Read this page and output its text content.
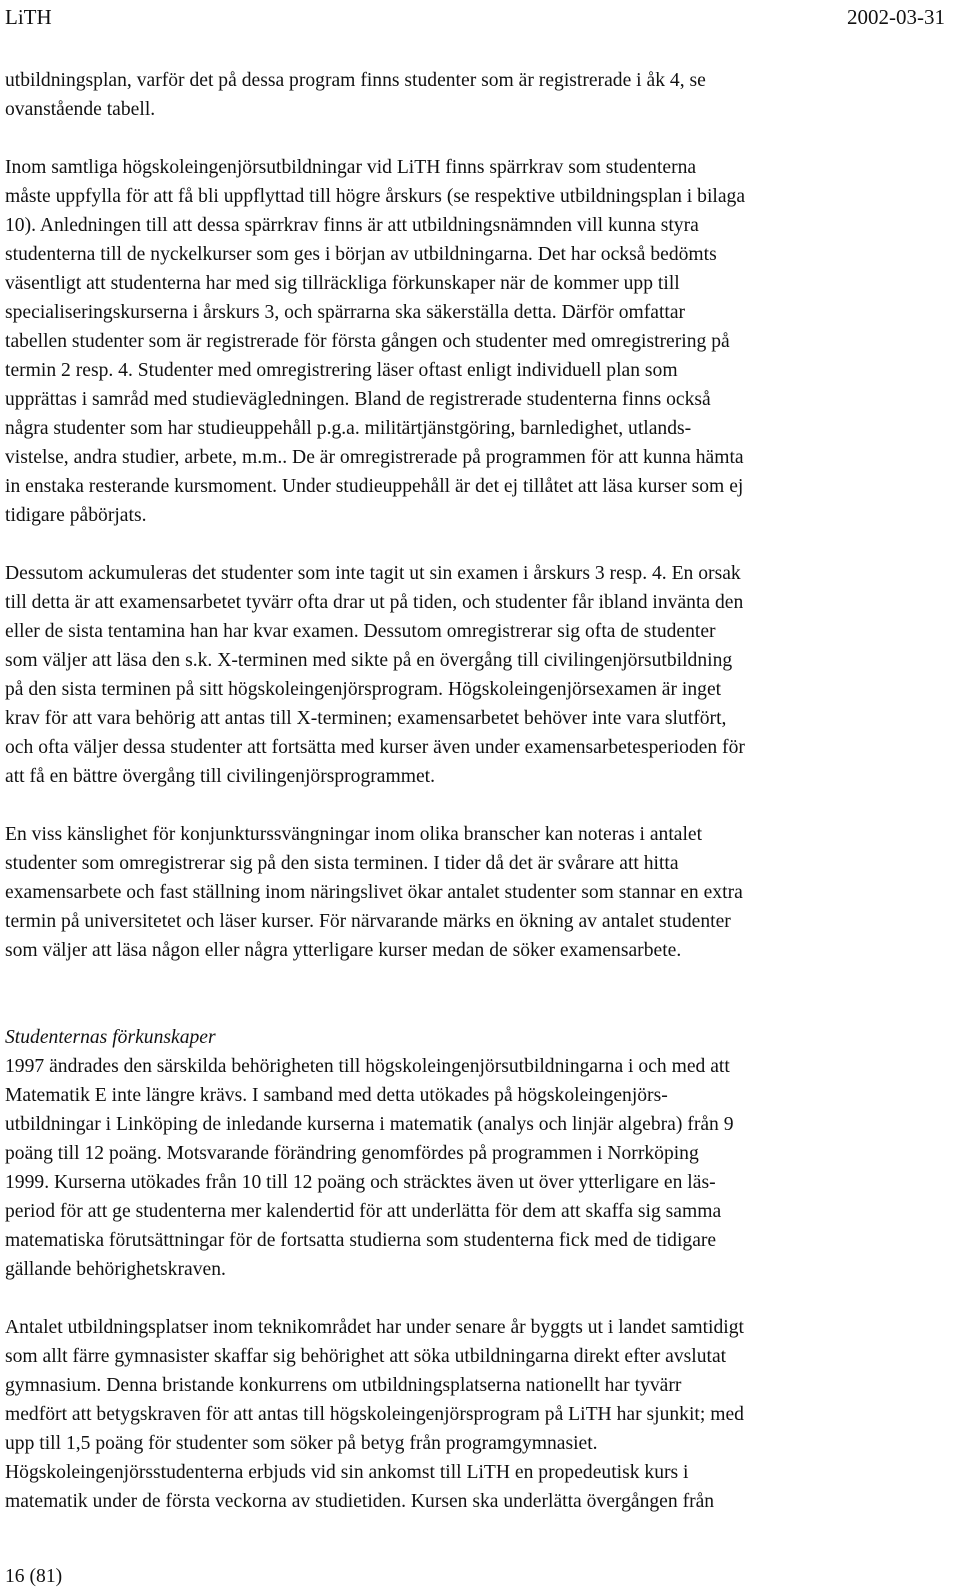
LiTH	2002-03-31

utbildningsplan, varför det på dessa program finns studenter som är registrerade i åk 4, se

ovanstående tabell.

Inom samtliga högskoleingenjörsutbildningar vid LiTH finns spärrkrav som studenterna

måste uppfylla för att få bli uppflyttad till högre årskurs (se respektive utbildningsplan i bilaga

10). Anledningen till att dessa spärrkrav finns är att utbildningsnämnden vill kunna styra

studenterna till de nyckelkurser som ges i början av utbildningarna. Det har också bedömts

väsentligt att studenterna har med sig tillräckliga förkunskaper när de kommer upp till

specialiseringskurserna i årskurs 3, och spärrarna ska säkerställa detta. Därför omfattar

tabellen studenter som är registrerade för första gången och studenter med omregistrering på

termin 2 resp. 4. Studenter med omregistrering läser oftast enligt individuell plan som

upprättas i samråd med studievägledningen. Bland de registrerade studenterna finns också

några studenter som har studieuppehåll p.g.a. militärtjänstgöring, barnledighet, utlands-

vistelse, andra studier, arbete, m.m.. De är omregistrerade på programmen för att kunna hämta

in enstaka resterande kursmoment. Under studieuppehåll är det ej tillåtet att läsa kurser som ej

tidigare påbörjats.

Dessutom ackumuleras det studenter som inte tagit ut sin examen i årskurs 3 resp. 4. En orsak

till detta är att examensarbetet tyvärr ofta drar ut på tiden, och studenter får ibland invänta den

eller de sista tentamina han har kvar examen. Dessutom omregistrerar sig ofta de studenter

som väljer att läsa den s.k. X-terminen med sikte på en övergång till civilingenjörsutbildning

på den sista terminen på sitt högskoleingenjörsprogram. Högskoleingenjörsexamen är inget

krav för att vara behörig att antas till X-terminen; examensarbetet behöver inte vara slutfört,

och ofta väljer dessa studenter att fortsätta med kurser även under examensarbetesperioden för

att få en bättre övergång till civilingenjörsprogrammet.

En viss känslighet för konjunkturssvängningar inom olika branscher kan noteras i antalet

studenter som omregistrerar sig på den sista terminen. I tider då det är svårare att hitta

examensarbete och fast ställning inom näringslivet ökar antalet studenter som stannar en extra

termin på universitetet och läser kurser. För närvarande märks en ökning av antalet studenter

som väljer att läsa någon eller några ytterligare kurser medan de söker examensarbete.

Studenternas förkunskaper

1997 ändrades den särskilda behörigheten till högskoleingenjörsutbildningarna i och med att

Matematik E inte längre krävs. I samband med detta utökades på högskoleingenjörs-

utbildningar i Linköping de inledande kurserna i matematik (analys och linjär algebra) från 9

poäng till 12 poäng. Motsvarande förändring genomfördes på programmen i Norrköping

1999. Kurserna utökades från 10 till 12 poäng och sträcktes även ut över ytterligare en läs-

period för att ge studenterna mer kalendertid för att underlätta för dem att skaffa sig samma

matematiska förutsättningar för de fortsatta studierna som studenterna fick med de tidigare

gällande behörighetskraven.

Antalet utbildningsplatser inom teknikområdet har under senare år byggts ut i landet samtidigt

som allt färre gymnasister skaffar sig behörighet att söka utbildningarna direkt efter avslutat

gymnasium. Denna bristande konkurrens om utbildningsplatserna nationellt har tyvärr

medfört att betygskraven för att antas till högskoleingenjörsprogram på LiTH har sjunkit; med

upp till 1,5 poäng för studenter som söker på betyg från programgymnasiet.

Högskoleingenjörsstudenterna erbjuds vid sin ankomst till LiTH en propedeutisk kurs i

matematik under de första veckorna av studietiden. Kursen ska underlätta övergången från

16 (81)
